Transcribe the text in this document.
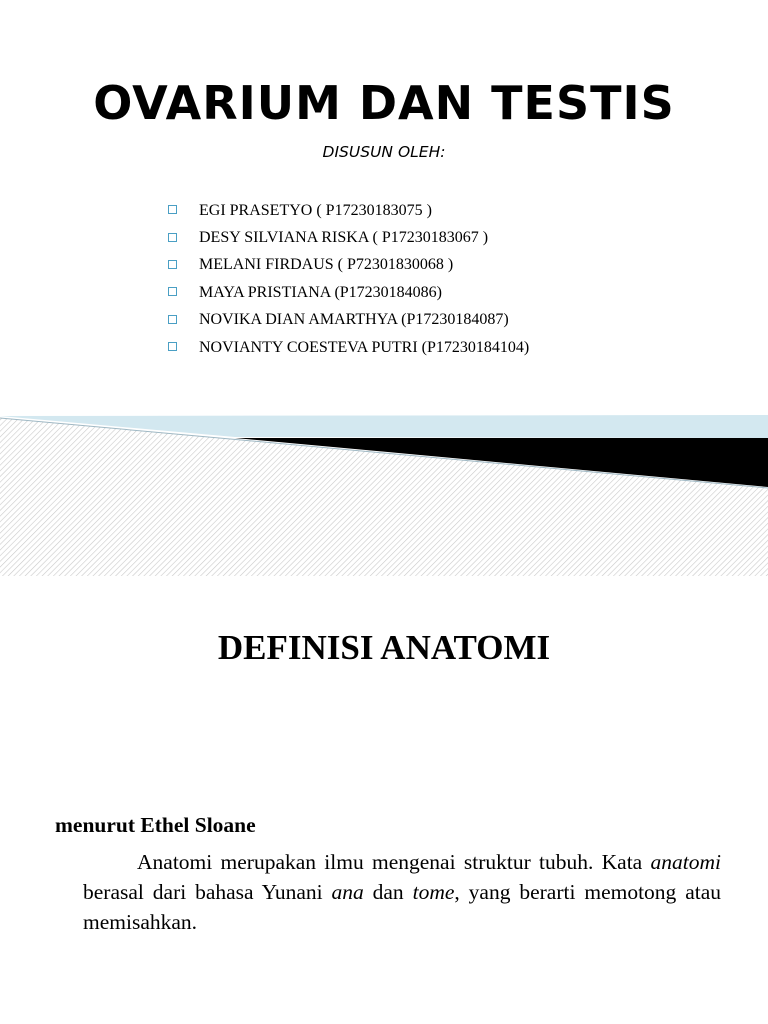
OVARIUM DAN TESTIS

DISUSUN OLEH:

EGI PRASETYO ( P17230183075 )
DESY SILVIANA RISKA ( P17230183067 )
MELANI FIRDAUS ( P72301830068 )
MAYA PRISTIANA (P17230184086)
NOVIKA DIAN AMARTHYA (P17230184087)
NOVIANTY COESTEVA PUTRI (P17230184104)
DEFINISI ANATOMI

menurut Ethel Sloane

Anatomi merupakan ilmu mengenai struktur tubuh. Kata anatomi berasal dari bahasa Yunani ana dan tome, yang berarti memotong atau memisahkan.
